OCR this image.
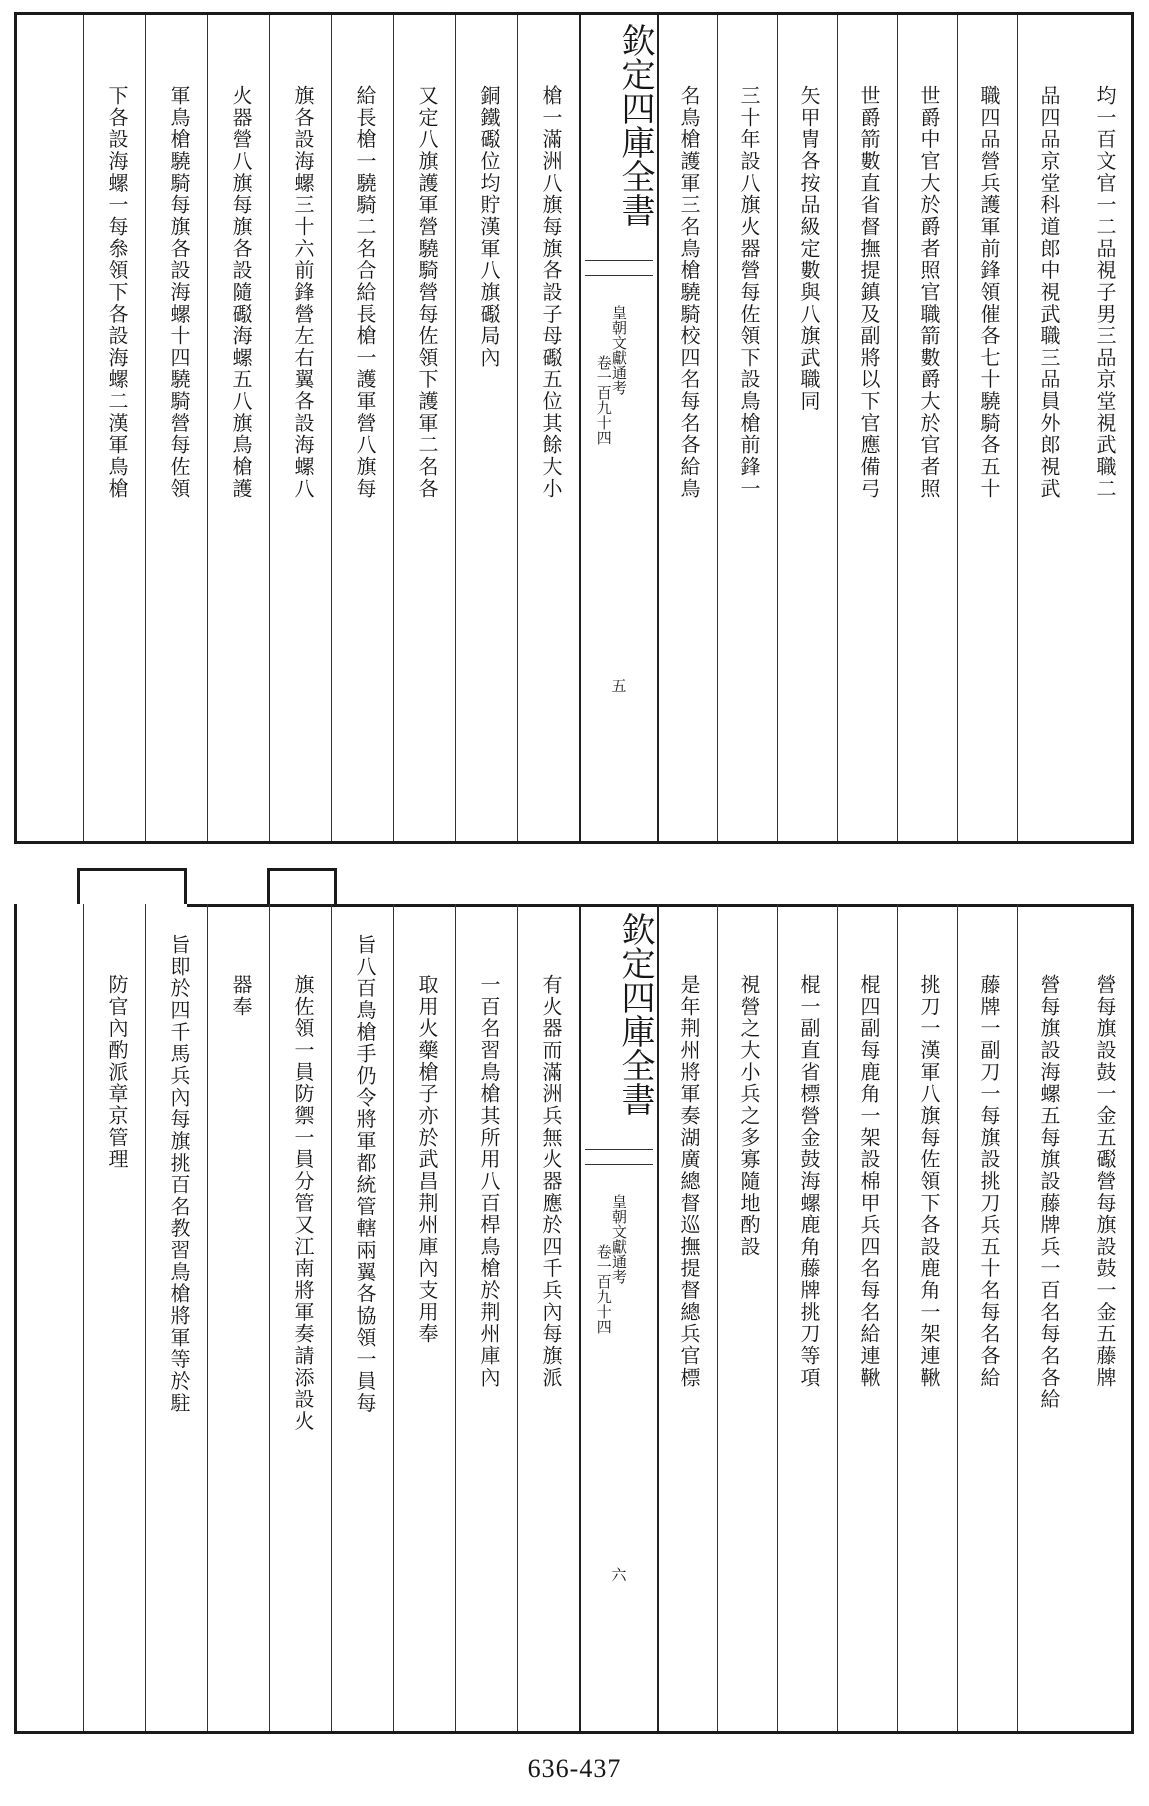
均一百文官一二品視子男三品京堂視武職二
品四品京堂科道郎中視武職三品員外郎視武
職四品營兵護軍前鋒領催各七十驍騎各五十
世爵中官大於爵者照官職箭數爵大於官者照
世爵箭數直省督撫提鎮及副將以下官應備弓
矢甲冑各按品級定數與八旗武職同
三十年設八旗火器營每佐領下設鳥槍前鋒一
名鳥槍護軍三名鳥槍驍騎校四名每名各給鳥
欽定四庫全書
皇朝文獻通考
卷一百九十四
五
槍一滿洲八旗每旗各設子母礟五位其餘大小
銅鐵礟位均貯漢軍八旗礟局內
又定八旗護軍營驍騎營每佐領下護軍二名各
給長槍一驍騎二名合給長槍一護軍營八旗每
旗各設海螺三十六前鋒營左右翼各設海螺八
火器營八旗每旗各設隨礟海螺五八旗鳥槍護
軍鳥槍驍騎每旗各設海螺十四驍騎營每佐領
下各設海螺一每叅領下各設海螺二漢軍鳥槍
營每旗設鼓一金五礟營每旗設鼓一金五藤牌
營每旗設海螺五每旗設藤牌兵一百名每名各給
藤牌一副刀一每旗設挑刀兵五十名每名各給
挑刀一漢軍八旗每佐領下各設鹿角一架連鞦
棍四副每鹿角一架設棉甲兵四名每名給連鞦
棍一副直省標營金鼓海螺鹿角藤牌挑刀等項
視營之大小兵之多寡隨地酌設
是年荆州將軍奏湖廣總督巡撫提督總兵官標
欽定四庫全書
皇朝文獻通考
卷一百九十四
六
有火器而滿洲兵無火器應於四千兵內每旗派
一百名習鳥槍其所用八百桿鳥槍於荆州庫內
取用火藥槍子亦於武昌荆州庫內支用奉
旨八百鳥槍手仍令將軍都統管轄兩翼各協領一員每
旗佐領一員防禦一員分管又江南將軍奏請添設火
器奉
旨即於四千馬兵內每旗挑百名教習鳥槍將軍等於駐
防官內酌派章京管理
636-437
